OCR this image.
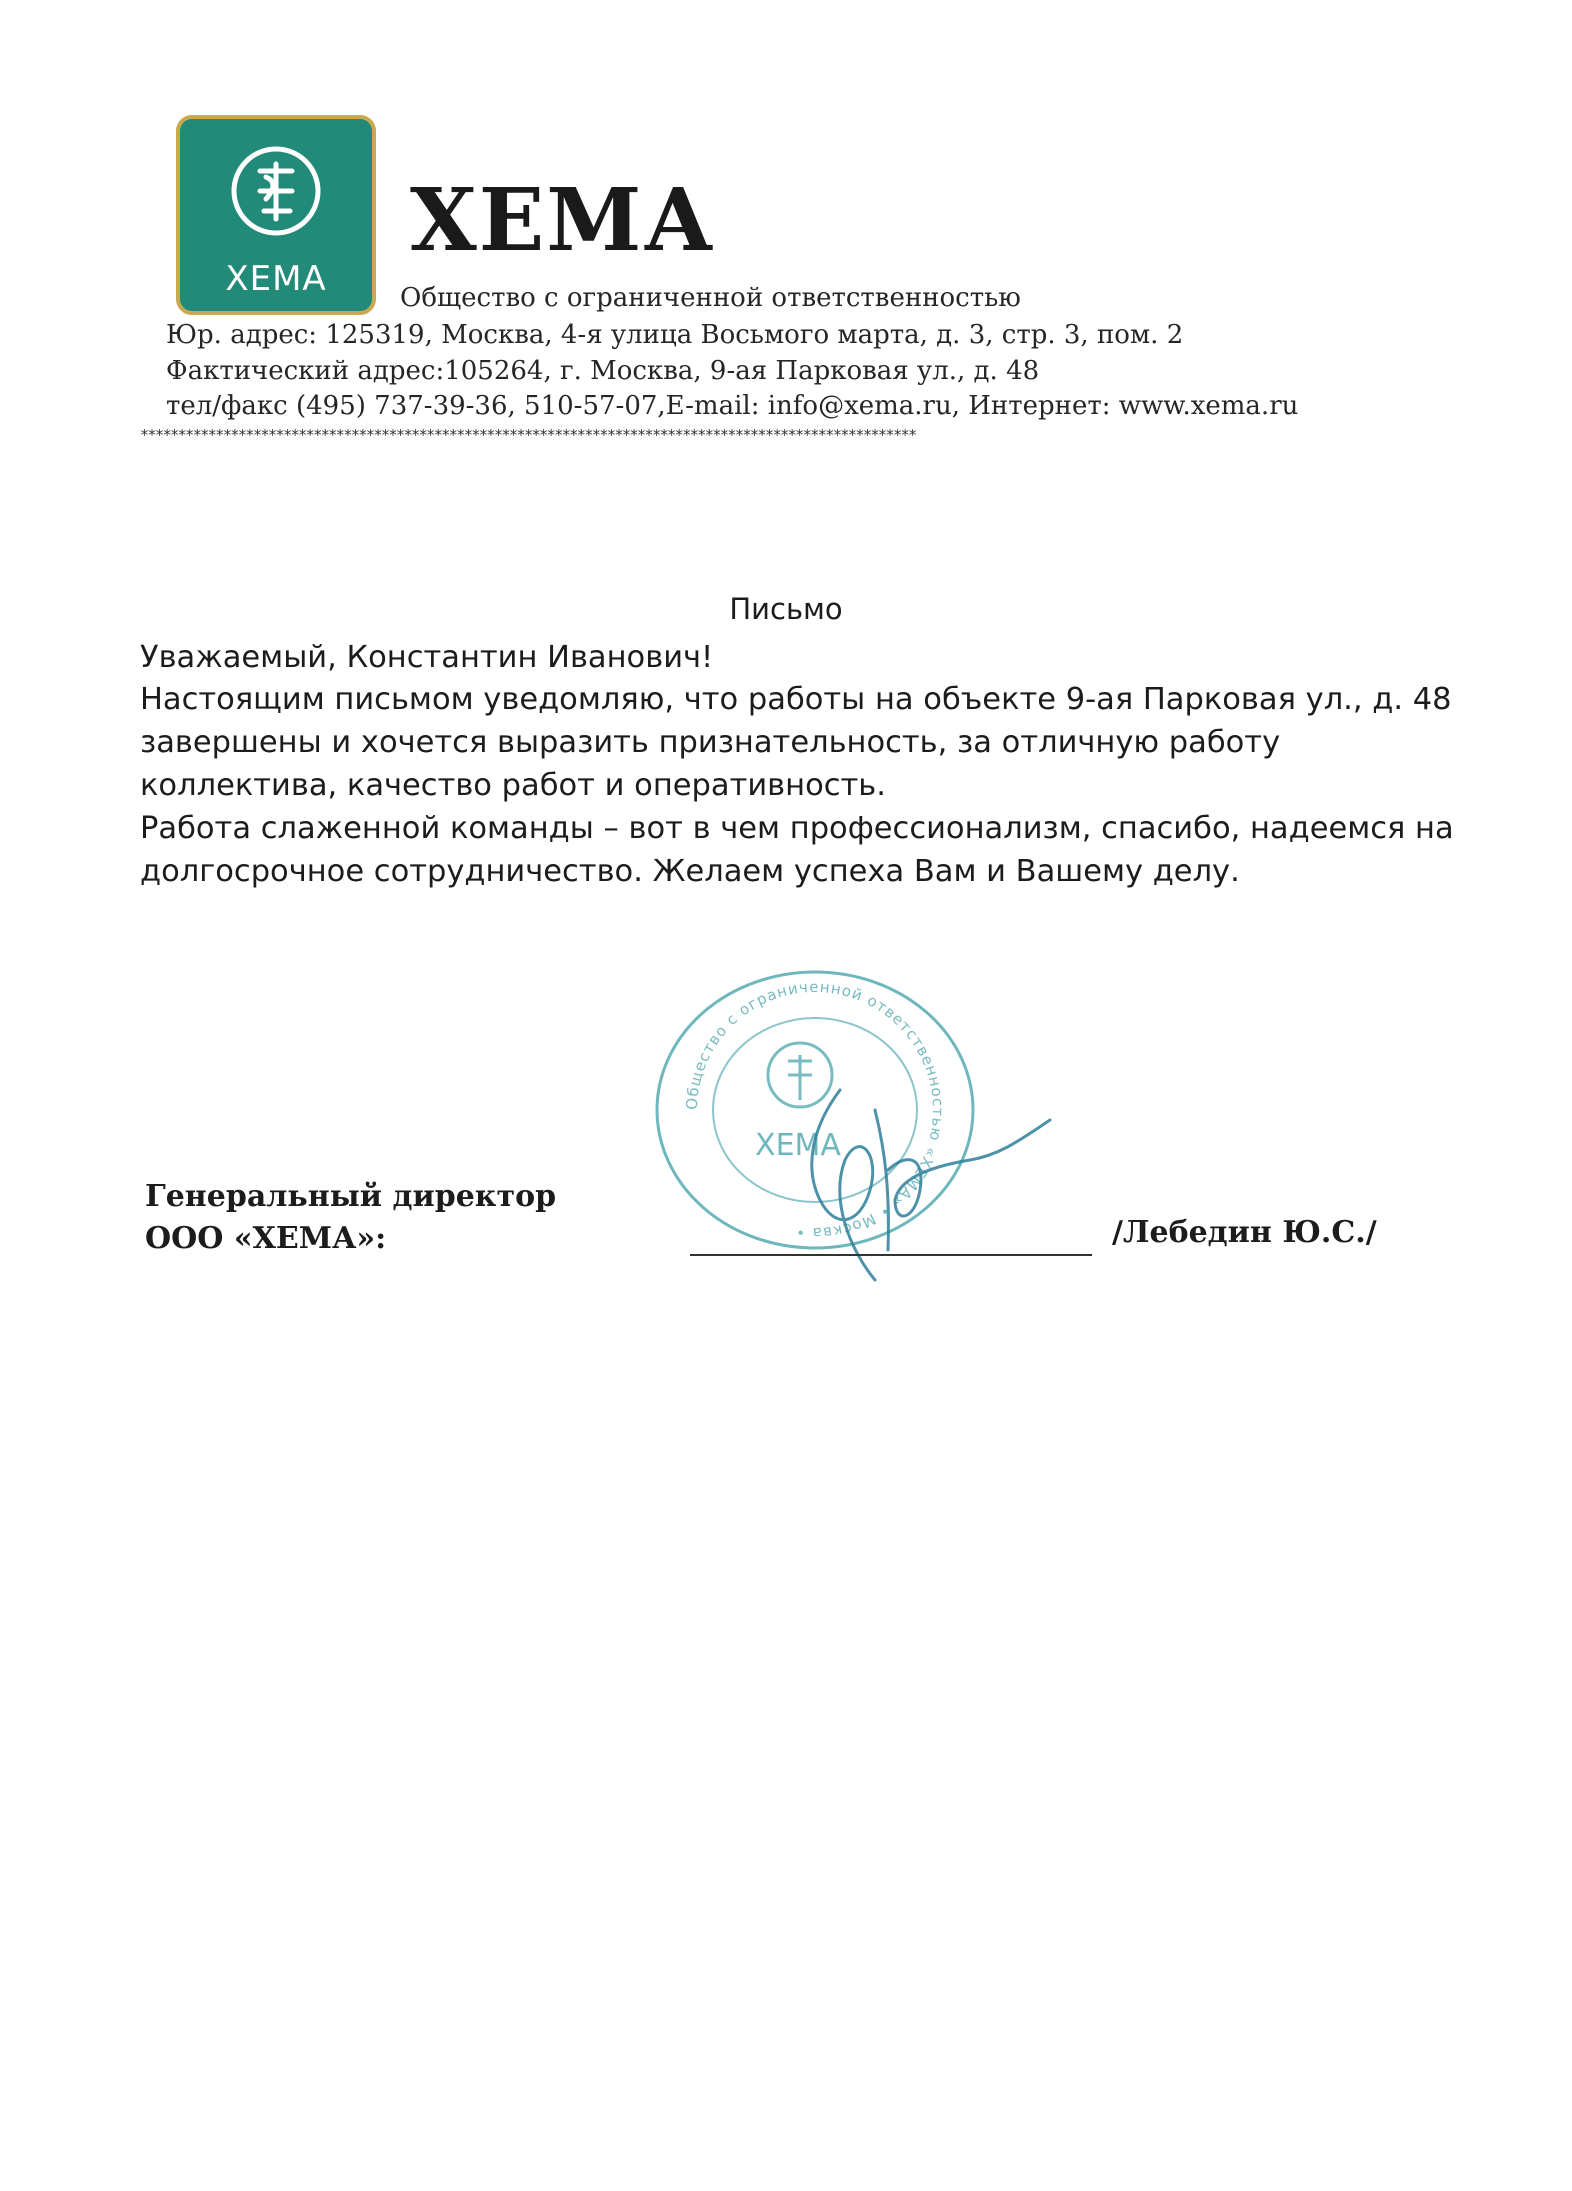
ХЕМА
ХЕМА
Общество с ограниченной ответственностью
Юр. адрес: 125319, Москва, 4-я улица Восьмого марта, д. 3, стр. 3, пом. 2
Фактический адрес:105264, г. Москва, 9-ая Парковая ул., д. 48
тел/факс (495) 737-39-36, 510-57-07,E-mail: info@xema.ru, Интернет: www.xema.ru
*******************************************************************************************************
Письмо
Уважаемый, Константин Иванович!
Настоящим письмом уведомляю, что работы на объекте 9-ая Парковая ул., д. 48 завершены и хочется выразить признательность, за отличную работу коллектива, качество работ и оперативность.
Работа слаженной команды – вот в чем профессионализм, спасибо, надеемся на долгосрочное сотрудничество. Желаем успеха Вам и Вашему делу.
Общество с ограниченной ответственностью «ХЕМА» • Москва •
ХЕМА
Генеральный директор
ООО «ХЕМА»:	/Лебедин Ю.С./
